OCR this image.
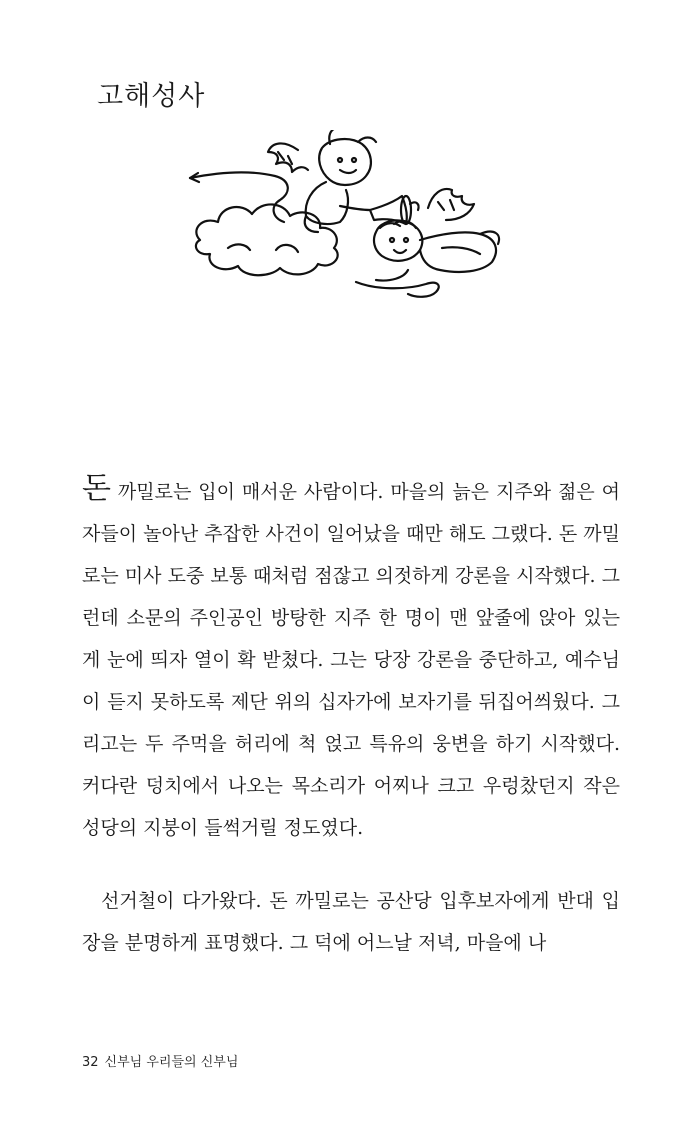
고해성사

돈 까밀로는 입이 매서운 사람이다. 마을의 늙은 지주와 젊은 여자들이 놀아난 추잡한 사건이 일어났을 때만 해도 그랬다. 돈 까밀로는 미사 도중 보통 때처럼 점잖고 의젓하게 강론을 시작했다. 그런데 소문의 주인공인 방탕한 지주 한 명이 맨 앞줄에 앉아 있는 게 눈에 띄자 열이 확 받쳤다. 그는 당장 강론을 중단하고, 예수님이 듣지 못하도록 제단 위의 십자가에 보자기를 뒤집어씌웠다. 그리고는 두 주먹을 허리에 척 얹고 특유의 웅변을 하기 시작했다. 커다란 덩치에서 나오는 목소리가 어찌나 크고 우렁찼던지 작은 성당의 지붕이 들썩거릴 정도였다.

선거철이 다가왔다. 돈 까밀로는 공산당 입후보자에게 반대 입장을 분명하게 표명했다. 그 덕에 어느날 저녁, 마을에 나

32 신부님 우리들의 신부님
